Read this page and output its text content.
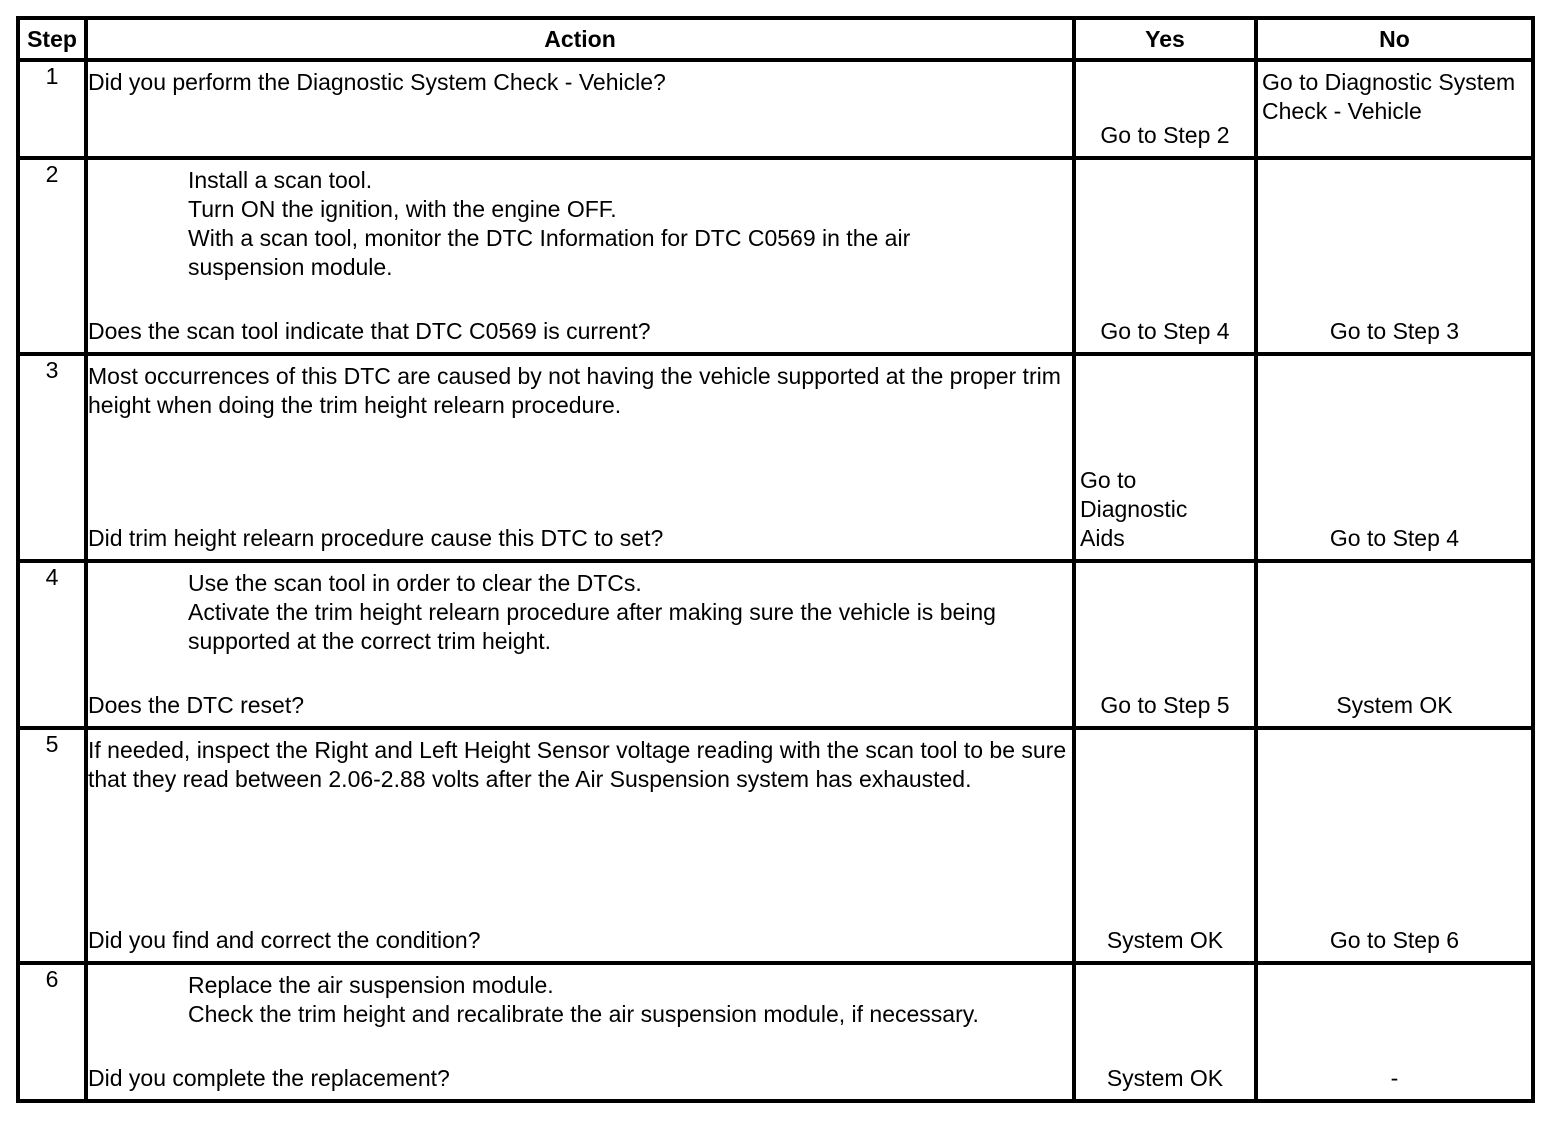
Step	Action	Yes	No
1	Did you perform the Diagnostic System Check - Vehicle?	Go to Step 2	Go to Diagnostic System Check - Vehicle

2	Install a scan tool.
Turn ON the ignition, with the engine OFF.
With a scan tool, monitor the DTC Information for DTC C0569 in the air suspension module.
Does the scan tool indicate that DTC C0569 is current?	Go to Step 4	Go to Step 3

3	Most occurrences of this DTC are caused by not having the vehicle supported at the proper trim height when doing the trim height relearn procedure.
Did trim height relearn procedure cause this DTC to set?	Go to Diagnostic Aids	Go to Step 4

4	Use the scan tool in order to clear the DTCs.
Activate the trim height relearn procedure after making sure the vehicle is being supported at the correct trim height.
Does the DTC reset?	Go to Step 5	System OK

5	If needed, inspect the Right and Left Height Sensor voltage reading with the scan tool to be sure that they read between 2.06-2.88 volts after the Air Suspension system has exhausted.
Did you find and correct the condition?	System OK	Go to Step 6

6	Replace the air suspension module.
Check the trim height and recalibrate the air suspension module, if necessary.
Did you complete the replacement?	System OK	-
